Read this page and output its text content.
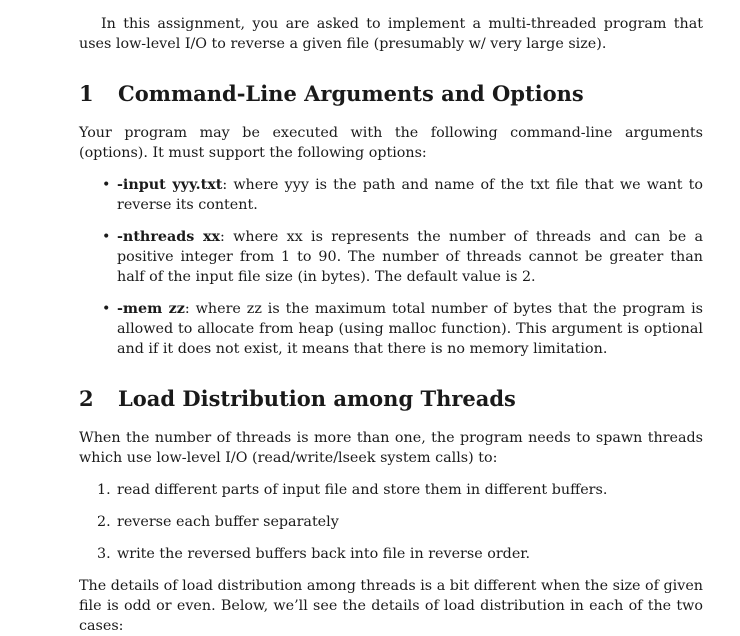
In this assignment, you are asked to implement a multi-threaded program that uses low-level I/O to reverse a given file (presumably w/ very large size).

1 Command-Line Arguments and Options

Your program may be executed with the following command-line arguments (options). It must support the following options:

• -input yyy.txt: where yyy is the path and name of the txt file that we want to reverse its content.
• -nthreads xx: where xx is represents the number of threads and can be a positive integer from 1 to 90. The number of threads cannot be greater than half of the input file size (in bytes). The default value is 2.
• -mem zz: where zz is the maximum total number of bytes that the program is allowed to allocate from heap (using malloc function). This argument is optional and if it does not exist, it means that there is no memory limitation.
2 Load Distribution among Threads

When the number of threads is more than one, the program needs to spawn threads which use low-level I/O (read/write/lseek system calls) to:

1. read different parts of input file and store them in different buffers.
2. reverse each buffer separately
3. write the reversed buffers back into file in reverse order.

The details of load distribution among threads is a bit different when the size of given file is odd or even. Below, we’ll see the details of load distribution in each of the two cases:
